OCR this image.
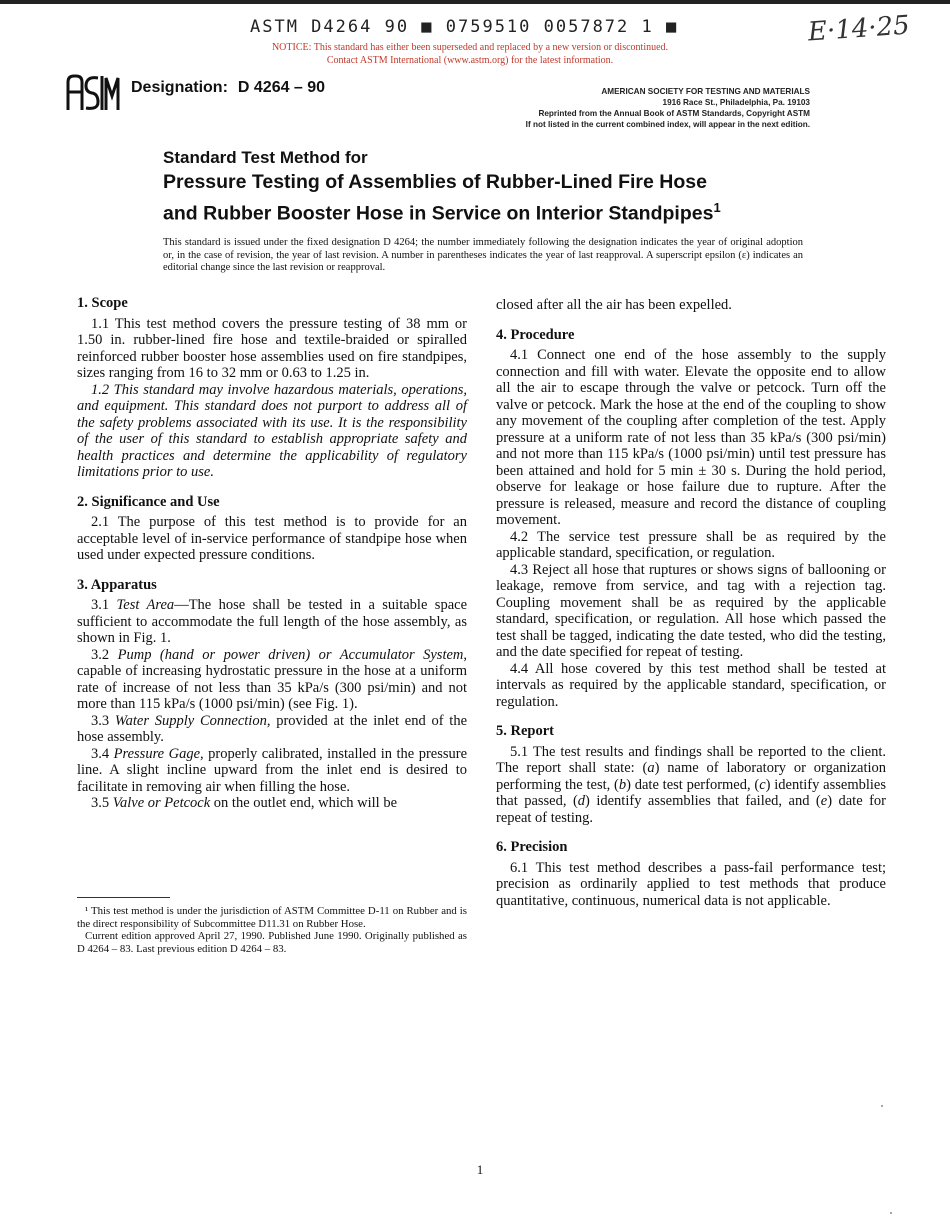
ASTM D4264 90 ■ 0759510 0057872 1 ■
NOTICE: This standard has either been superseded and replaced by a new version or discontinued.
Contact ASTM International (www.astm.org) for the latest information.
E·14·25
Designation: D 4264 – 90	AMERICAN SOCIETY FOR TESTING AND MATERIALS
1916 Race St., Philadelphia, Pa. 19103
Reprinted from the Annual Book of ASTM Standards, Copyright ASTM
If not listed in the current combined index, will appear in the next edition.
Standard Test Method for
Pressure Testing of Assemblies of Rubber-Lined Fire Hose
and Rubber Booster Hose in Service on Interior Standpipes$^1$
This standard is issued under the fixed designation D 4264; the number immediately following the designation indicates the year of original adoption or, in the case of revision, the year of last revision. A number in parentheses indicates the year of last reapproval. A superscript epsilon (ε) indicates an editorial change since the last revision or reapproval.
1. Scope

1.1 This test method covers the pressure testing of 38 mm or 1.50 in. rubber-lined fire hose and textile-braided or spiralled reinforced rubber booster hose assemblies used on fire standpipes, sizes ranging from 16 to 32 mm or 0.63 to 1.25 in.

1.2 This standard may involve hazardous materials, operations, and equipment. This standard does not purport to address all of the safety problems associated with its use. It is the responsibility of the user of this standard to establish appropriate safety and health practices and determine the applicability of regulatory limitations prior to use.

2. Significance and Use

2.1 The purpose of this test method is to provide for an acceptable level of in-service performance of standpipe hose when used under expected pressure conditions.

3. Apparatus

3.1 Test Area—The hose shall be tested in a suitable space sufficient to accommodate the full length of the hose assembly, as shown in Fig. 1.

3.2 Pump (hand or power driven) or Accumulator System, capable of increasing hydrostatic pressure in the hose at a uniform rate of increase of not less than 35 kPa/s (300 psi/min) and not more than 115 kPa/s (1000 psi/min) (see Fig. 1).

3.3 Water Supply Connection, provided at the inlet end of the hose assembly.

3.4 Pressure Gage, properly calibrated, installed in the pressure line. A slight incline upward from the inlet end is desired to facilitate in removing air when filling the hose.

3.5 Valve or Petcock on the outlet end, which will be

¹ This test method is under the jurisdiction of ASTM Committee D-11 on Rubber and is the direct responsibility of Subcommittee D11.31 on Rubber Hose.

Current edition approved April 27, 1990. Published June 1990. Originally published as D 4264 – 83. Last previous edition D 4264 – 83.

closed after all the air has been expelled.

4. Procedure

4.1 Connect one end of the hose assembly to the supply connection and fill with water. Elevate the opposite end to allow all the air to escape through the valve or petcock. Turn off the valve or petcock. Mark the hose at the end of the coupling to show any movement of the coupling after completion of the test. Apply pressure at a uniform rate of not less than 35 kPa/s (300 psi/min) and not more than 115 kPa/s (1000 psi/min) until test pressure has been attained and hold for 5 min ± 30 s. During the hold period, observe for leakage or hose failure due to rupture. After the pressure is released, measure and record the distance of coupling movement.

4.2 The service test pressure shall be as required by the applicable standard, specification, or regulation.

4.3 Reject all hose that ruptures or shows signs of ballooning or leakage, remove from service, and tag with a rejection tag. Coupling movement shall be as required by the applicable standard, specification, or regulation. All hose which passed the test shall be tagged, indicating the date tested, who did the testing, and the date specified for repeat of testing.

4.4 All hose covered by this test method shall be tested at intervals as required by the applicable standard, specification, or regulation.

5. Report

5.1 The test results and findings shall be reported to the client. The report shall state: (a) name of laboratory or organization performing the test, (b) date test performed, (c) identify assemblies that passed, (d) identify assemblies that failed, and (e) date for repeat of testing.

6. Precision

6.1 This test method describes a pass-fail performance test; precision as ordinarily applied to test methods that produce quantitative, continuous, numerical data is not applicable.

1
